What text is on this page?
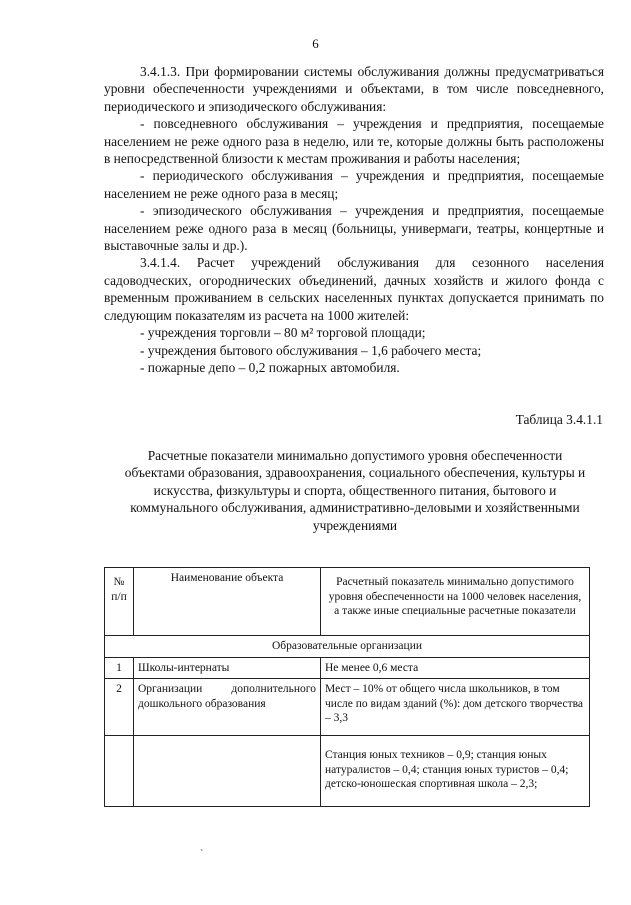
6

3.4.1.3. При формировании системы обслуживания должны предусматриваться уровни обеспеченности учреждениями и объектами, в том числе повседневного, периодического и эпизодического обслуживания:

- повседневного обслуживания – учреждения и предприятия, посещаемые населением не реже одного раза в неделю, или те, которые должны быть расположены в непосредственной близости к местам проживания и работы населения;

- периодического обслуживания – учреждения и предприятия, посещаемые населением не реже одного раза в месяц;

- эпизодического обслуживания – учреждения и предприятия, посещаемые населением реже одного раза в месяц (больницы, универмаги, театры, концертные и выставочные залы и др.).

3.4.1.4. Расчет учреждений обслуживания для сезонного населения садоводческих, огороднических объединений, дачных хозяйств и жилого фонда с временным проживанием в сельских населенных пунктах допускается принимать по следующим показателям из расчета на 1000 жителей:

- учреждения торговли – 80 м² торговой площади;

- учреждения бытового обслуживания – 1,6 рабочего места;

- пожарные депо – 0,2 пожарных автомобиля.

Таблица 3.4.1.1
Расчетные показатели минимально допустимого уровня обеспеченности объектами образования, здравоохранения, социального обеспечения, культуры и искусства, физкультуры и спорта, общественного питания, бытового и коммунального обслуживания, административно-деловыми и хозяйственными учреждениями
№ п/п	Наименование объекта	Расчетный показатель минимально допустимого уровня обеспеченности на 1000 человек населения, а также иные специальные расчетные показатели
Образовательные организации		
1	Школы-интернаты	Не менее 0,6 места
2	Организации дополнительного дошкольного образования	Мест – 10% от общего числа школьников, в том числе по видам зданий (%): дом детского творчества – 3,3
		Станция юных техников – 0,9; станция юных натуралистов – 0,4; станция юных туристов – 0,4; детско-юношеская спортивная школа – 2,3;
ˋ
